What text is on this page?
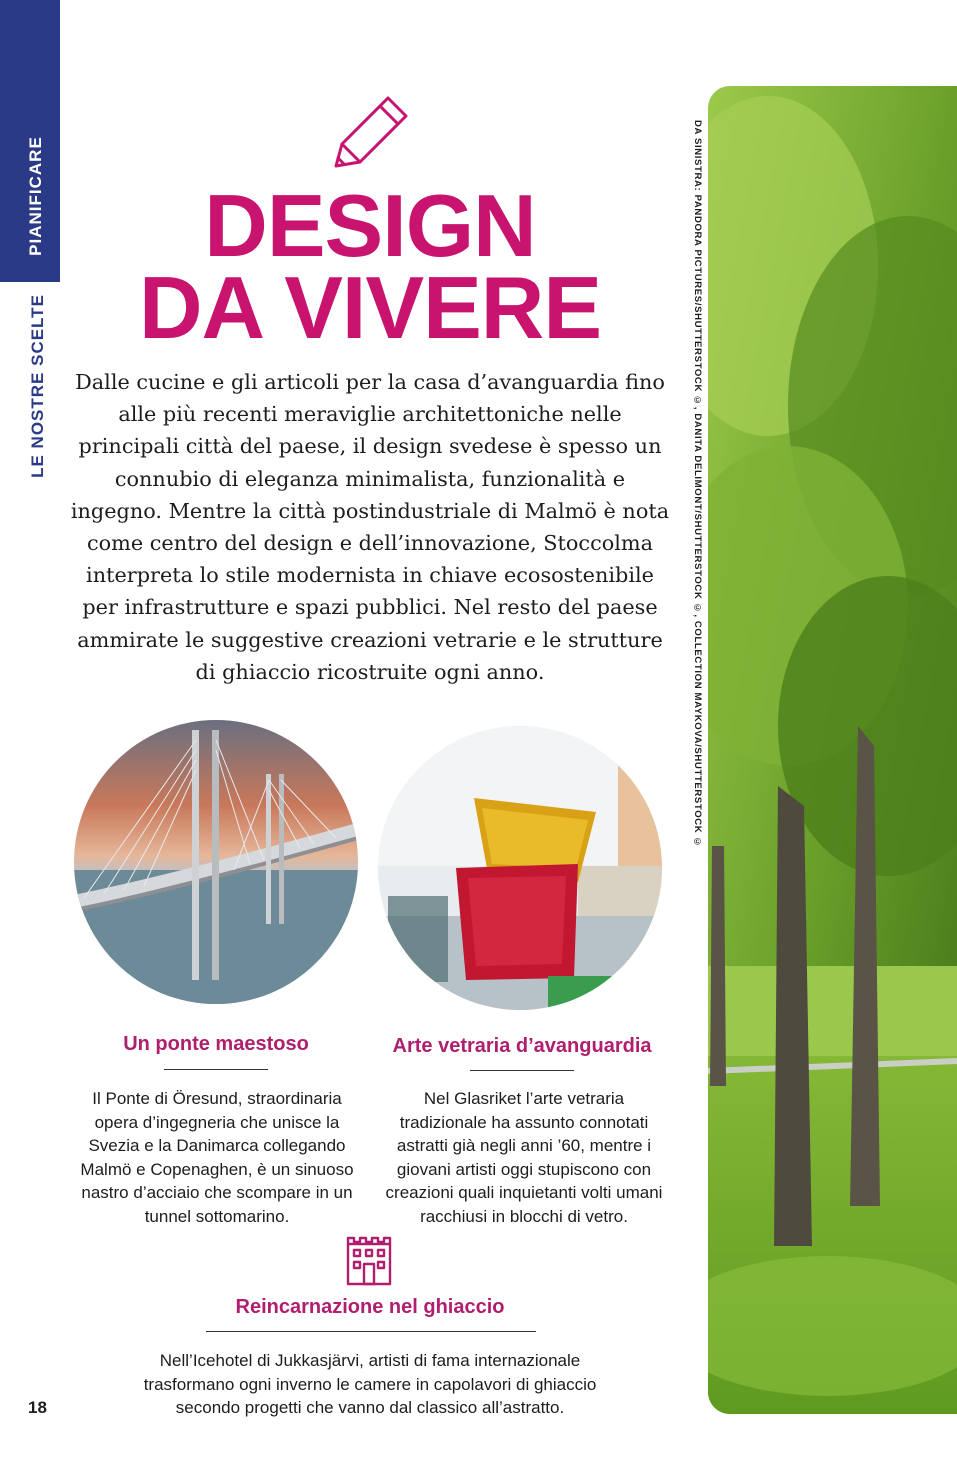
PIANIFICARE
LE NOSTRE SCELTE
DESIGN
DA VIVERE

Dalle cucine e gli articoli per la casa d’avanguardia fino alle più recenti meraviglie architettoniche nelle principali città del paese, il design svedese è spesso un connubio di eleganza minimalista, funzionalità e ingegno. Mentre la città postindustriale di Malmö è nota come centro del design e dell’innovazione, Stoccolma interpreta lo stile modernista in chiave ecosostenibile per infrastrutture e spazi pubblici. Nel resto del paese ammirate le suggestive creazioni vetrarie e le strutture di ghiaccio ricostruite ogni anno.

Un ponte maestoso
Il Ponte di Öresund, straordinaria opera d’ingegneria che unisce la Svezia e la Danimarca collegando Malmö e Copenaghen, è un sinuoso nastro d’acciaio che scompare in un tunnel sottomarino.
Arte vetraria d’avanguardia
Nel Glasriket l’arte vetraria tradizionale ha assunto connotati astratti già negli anni ’60, mentre i giovani artisti oggi stupiscono con creazioni quali inquietanti volti umani racchiusi in blocchi di vetro.
Reincarnazione nel ghiaccio
Nell’Icehotel di Jukkasjärvi, artisti di fama internazionale trasformano ogni inverno le camere in capolavori di ghiaccio secondo progetti che vanno dal classico all’astratto.
18
DA SINISTRA: PANDORA PICTURES/SHUTTERSTOCK ©, DANITA DELIMONT/SHUTTERSTOCK ©, COLLECTION MAYKOVA/SHUTTERSTOCK ©
